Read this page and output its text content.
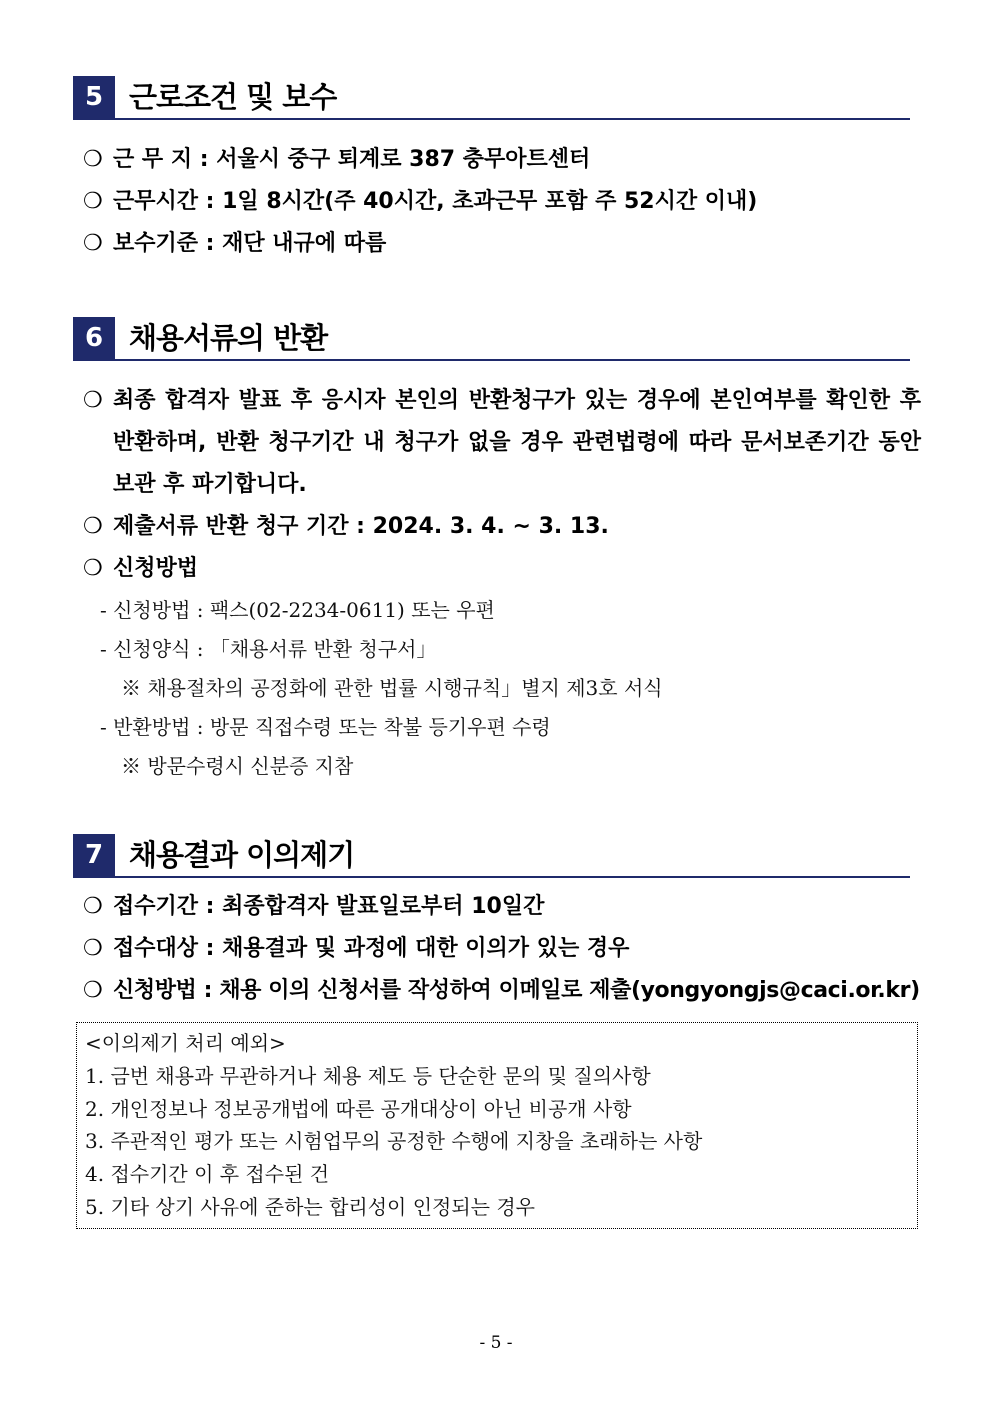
5 근로조건 및 보수
❍ 근 무 지 : 서울시 중구 퇴계로 387 충무아트센터
❍ 근무시간 : 1일 8시간(주 40시간, 초과근무 포함 주 52시간 이내)
❍ 보수기준 : 재단 내규에 따름
6 채용서류의 반환
❍ 최종 합격자 발표 후 응시자 본인의 반환청구가 있는 경우에 본인여부를 확인한 후 반환하며, 반환 청구기간 내 청구가 없을 경우 관련법령에 따라 문서보존기간 동안 보관 후 파기합니다.
❍ 제출서류 반환 청구 기간 : 2024. 3. 4. ~ 3. 13.
❍ 신청방법
- 신청방법 : 팩스(02-2234-0611) 또는 우편
- 신청양식 : 「채용서류 반환 청구서」
※ 채용절차의 공정화에 관한 법률 시행규칙」별지 제3호 서식
- 반환방법 : 방문 직접수령 또는 착불 등기우편 수령
※ 방문수령시 신분증 지참
7 채용결과 이의제기
❍ 접수기간 : 최종합격자 발표일로부터 10일간
❍ 접수대상 : 채용결과 및 과정에 대한 이의가 있는 경우
❍ 신청방법 : 채용 이의 신청서를 작성하여 이메일로 제출(yongyongjs@caci.or.kr)
<이의제기 처리 예외>
1. 금번 채용과 무관하거나 체용 제도 등 단순한 문의 및 질의사항
2. 개인정보나 정보공개법에 따른 공개대상이 아닌 비공개 사항
3. 주관적인 평가 또는 시험업무의 공정한 수행에 지창을 초래하는 사항
4. 접수기간 이 후 접수된 건
5. 기타 상기 사유에 준하는 합리성이 인정되는 경우
- 5 -
